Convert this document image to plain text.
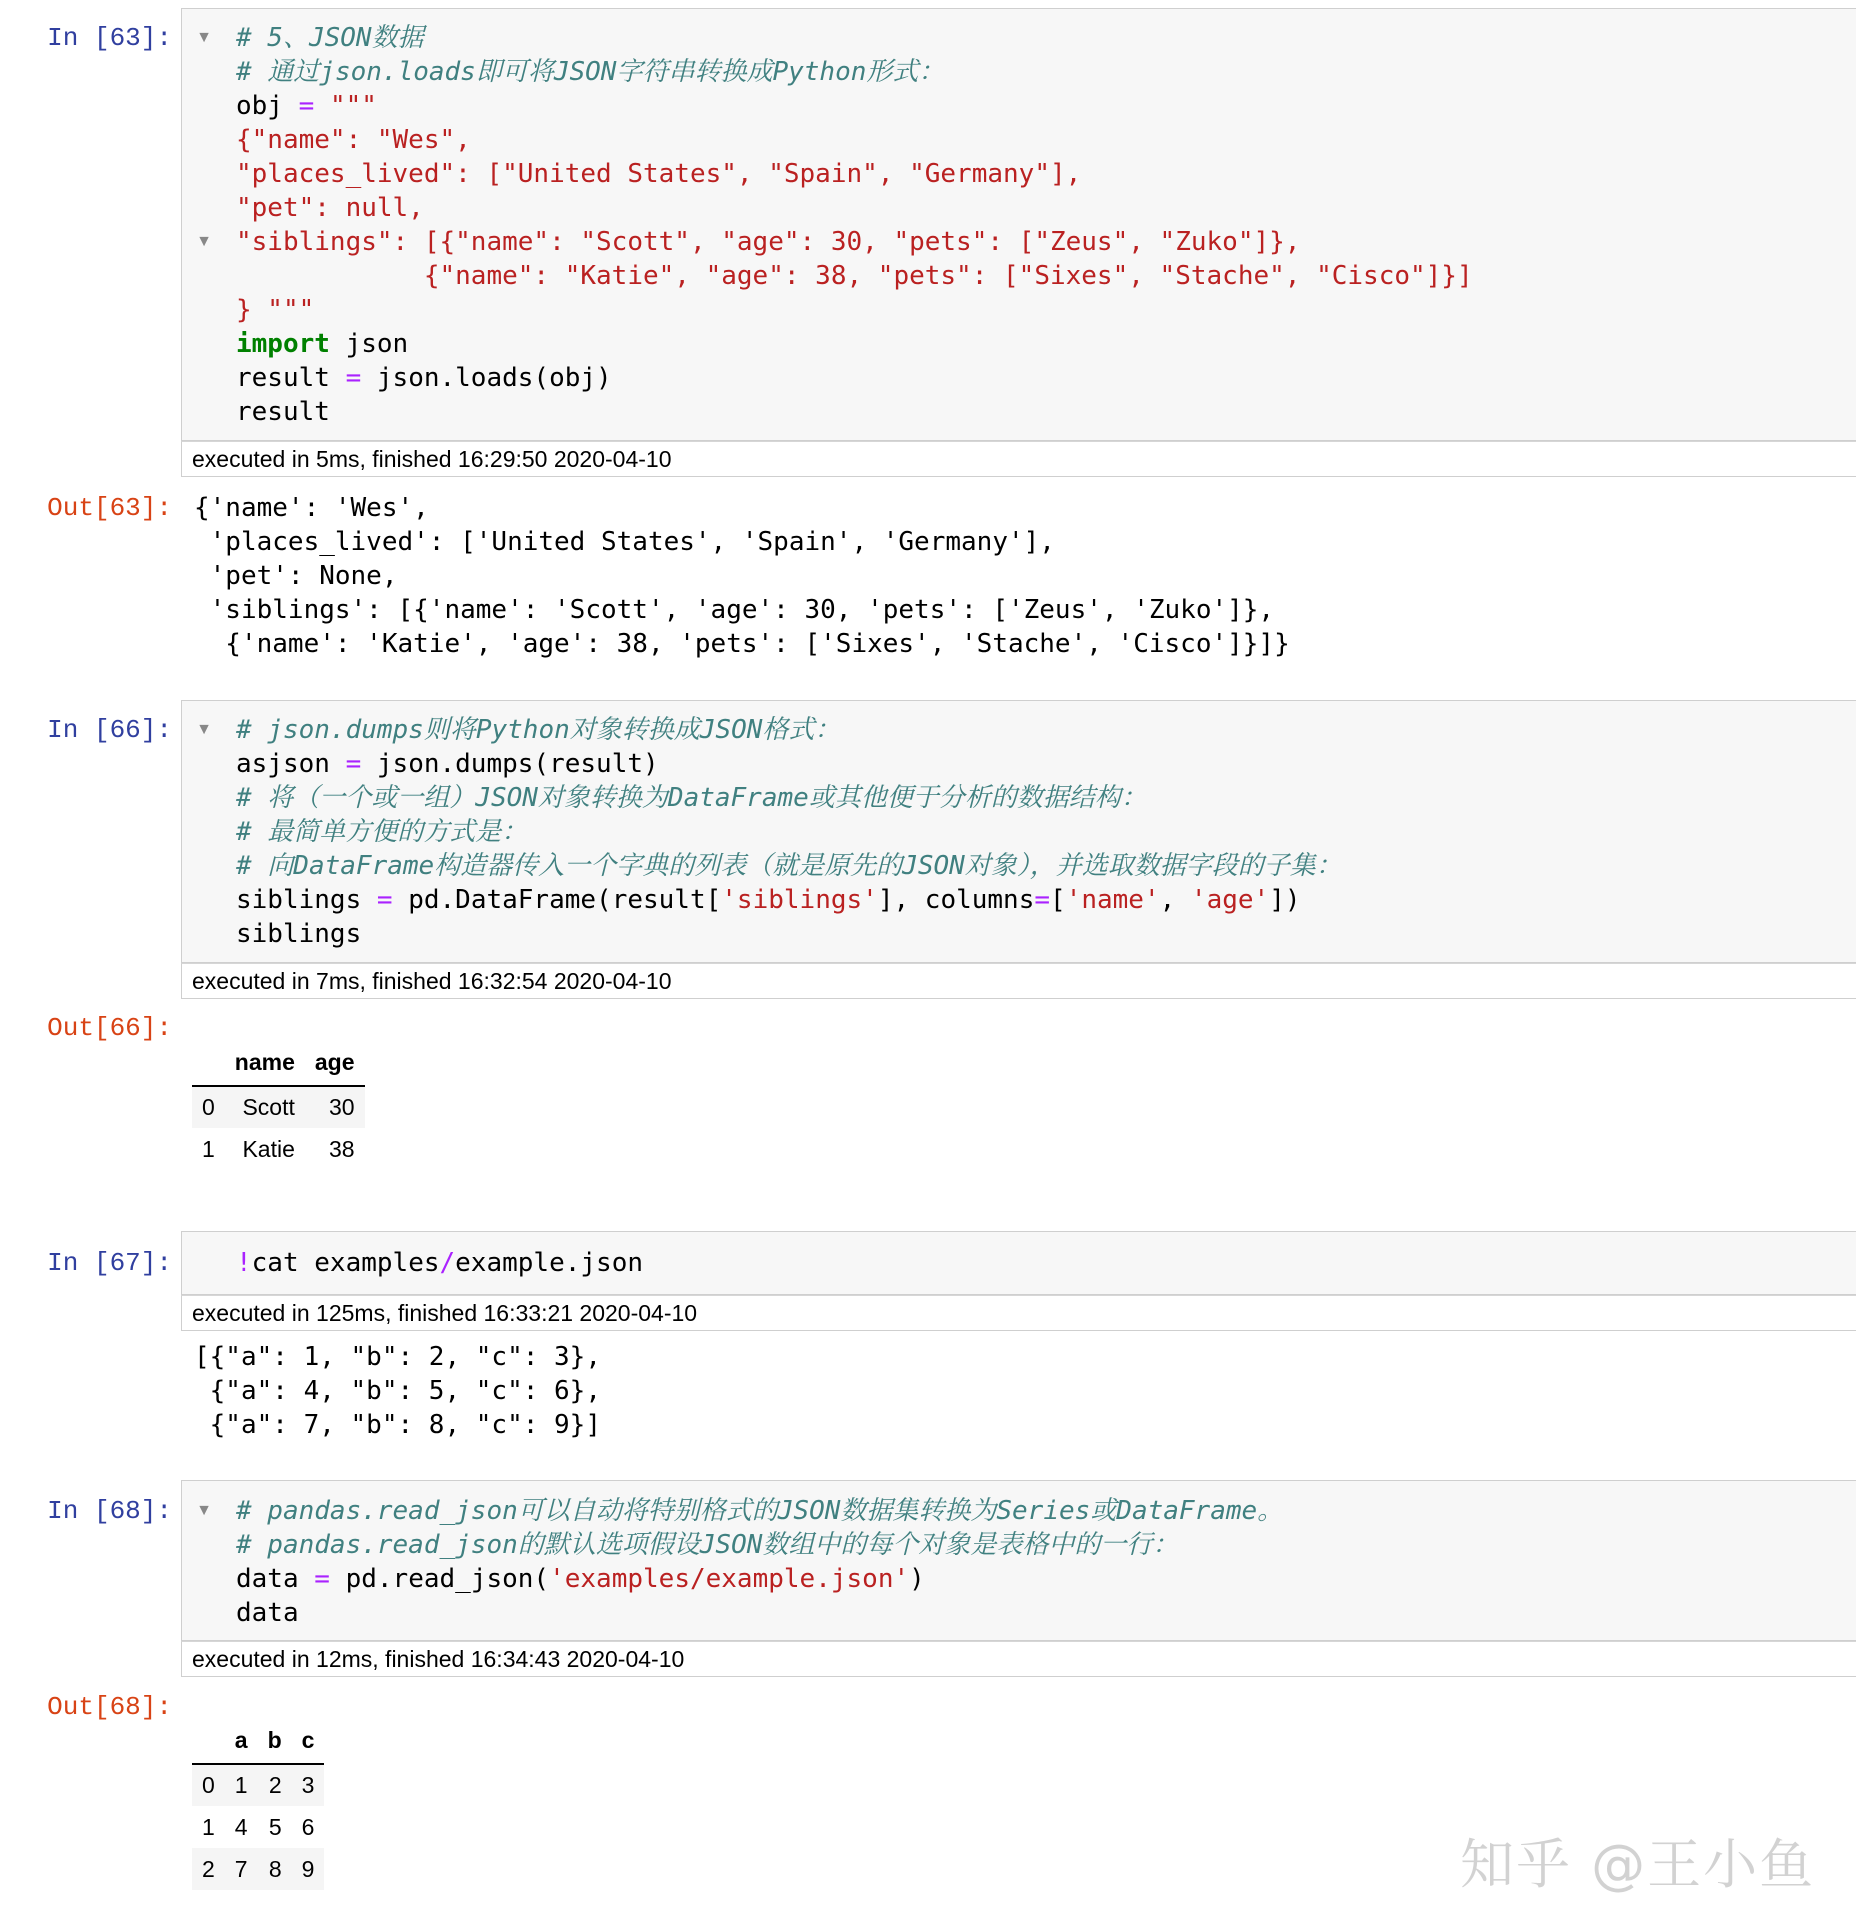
In [63]: ▼
▼
# 5、JSON数据
# 通过json.loads即可将JSON字符串转换成Python形式：
obj = """
{"name": "Wes",
"places_lived": ["United States", "Spain", "Germany"],
"pet": null,
"siblings": [{"name": "Scott", "age": 30, "pets": ["Zeus", "Zuko"]},
{"name": "Katie", "age": 38, "pets": ["Sixes", "Stache", "Cisco"]}]
} """
import json
result = json.loads(obj)
result
executed in 5ms, finished 16:29:50 2020-04-10
Out[63]: {'name': 'Wes',
'places_lived': ['United States', 'Spain', 'Germany'],
'pet': None,
'siblings': [{'name': 'Scott', 'age': 30, 'pets': ['Zeus', 'Zuko']},
{'name': 'Katie', 'age': 38, 'pets': ['Sixes', 'Stache', 'Cisco']}]}
In [66]: ▼ # json.dumps则将Python对象转换成JSON格式：
asjson = json.dumps(result)
# 将（一个或一组）JSON对象转换为DataFrame或其他便于分析的数据结构：
# 最简单方便的方式是：
# 向DataFrame构造器传入一个字典的列表（就是原先的JSON对象），并选取数据字段的子集：
siblings = pd.DataFrame(result['siblings'], columns=['name', 'age'])
siblings
executed in 7ms, finished 16:32:54 2020-04-10
Out[66]:
	name	age
0	Scott	30
1	Katie	38
In [67]: !cat examples/example.json
executed in 125ms, finished 16:33:21 2020-04-10
[{"a": 1, "b": 2, "c": 3},
{"a": 4, "b": 5, "c": 6},
{"a": 7, "b": 8, "c": 9}]
In [68]: ▼ # pandas.read_json可以自动将特别格式的JSON数据集转换为Series或DataFrame。
# pandas.read_json的默认选项假设JSON数组中的每个对象是表格中的一行：
data = pd.read_json('examples/example.json')
data
executed in 12ms, finished 16:34:43 2020-04-10
Out[68]:
	a	b	c
0	1	2	3
1	4	5	6
2	7	8	9	知乎 @王小鱼
